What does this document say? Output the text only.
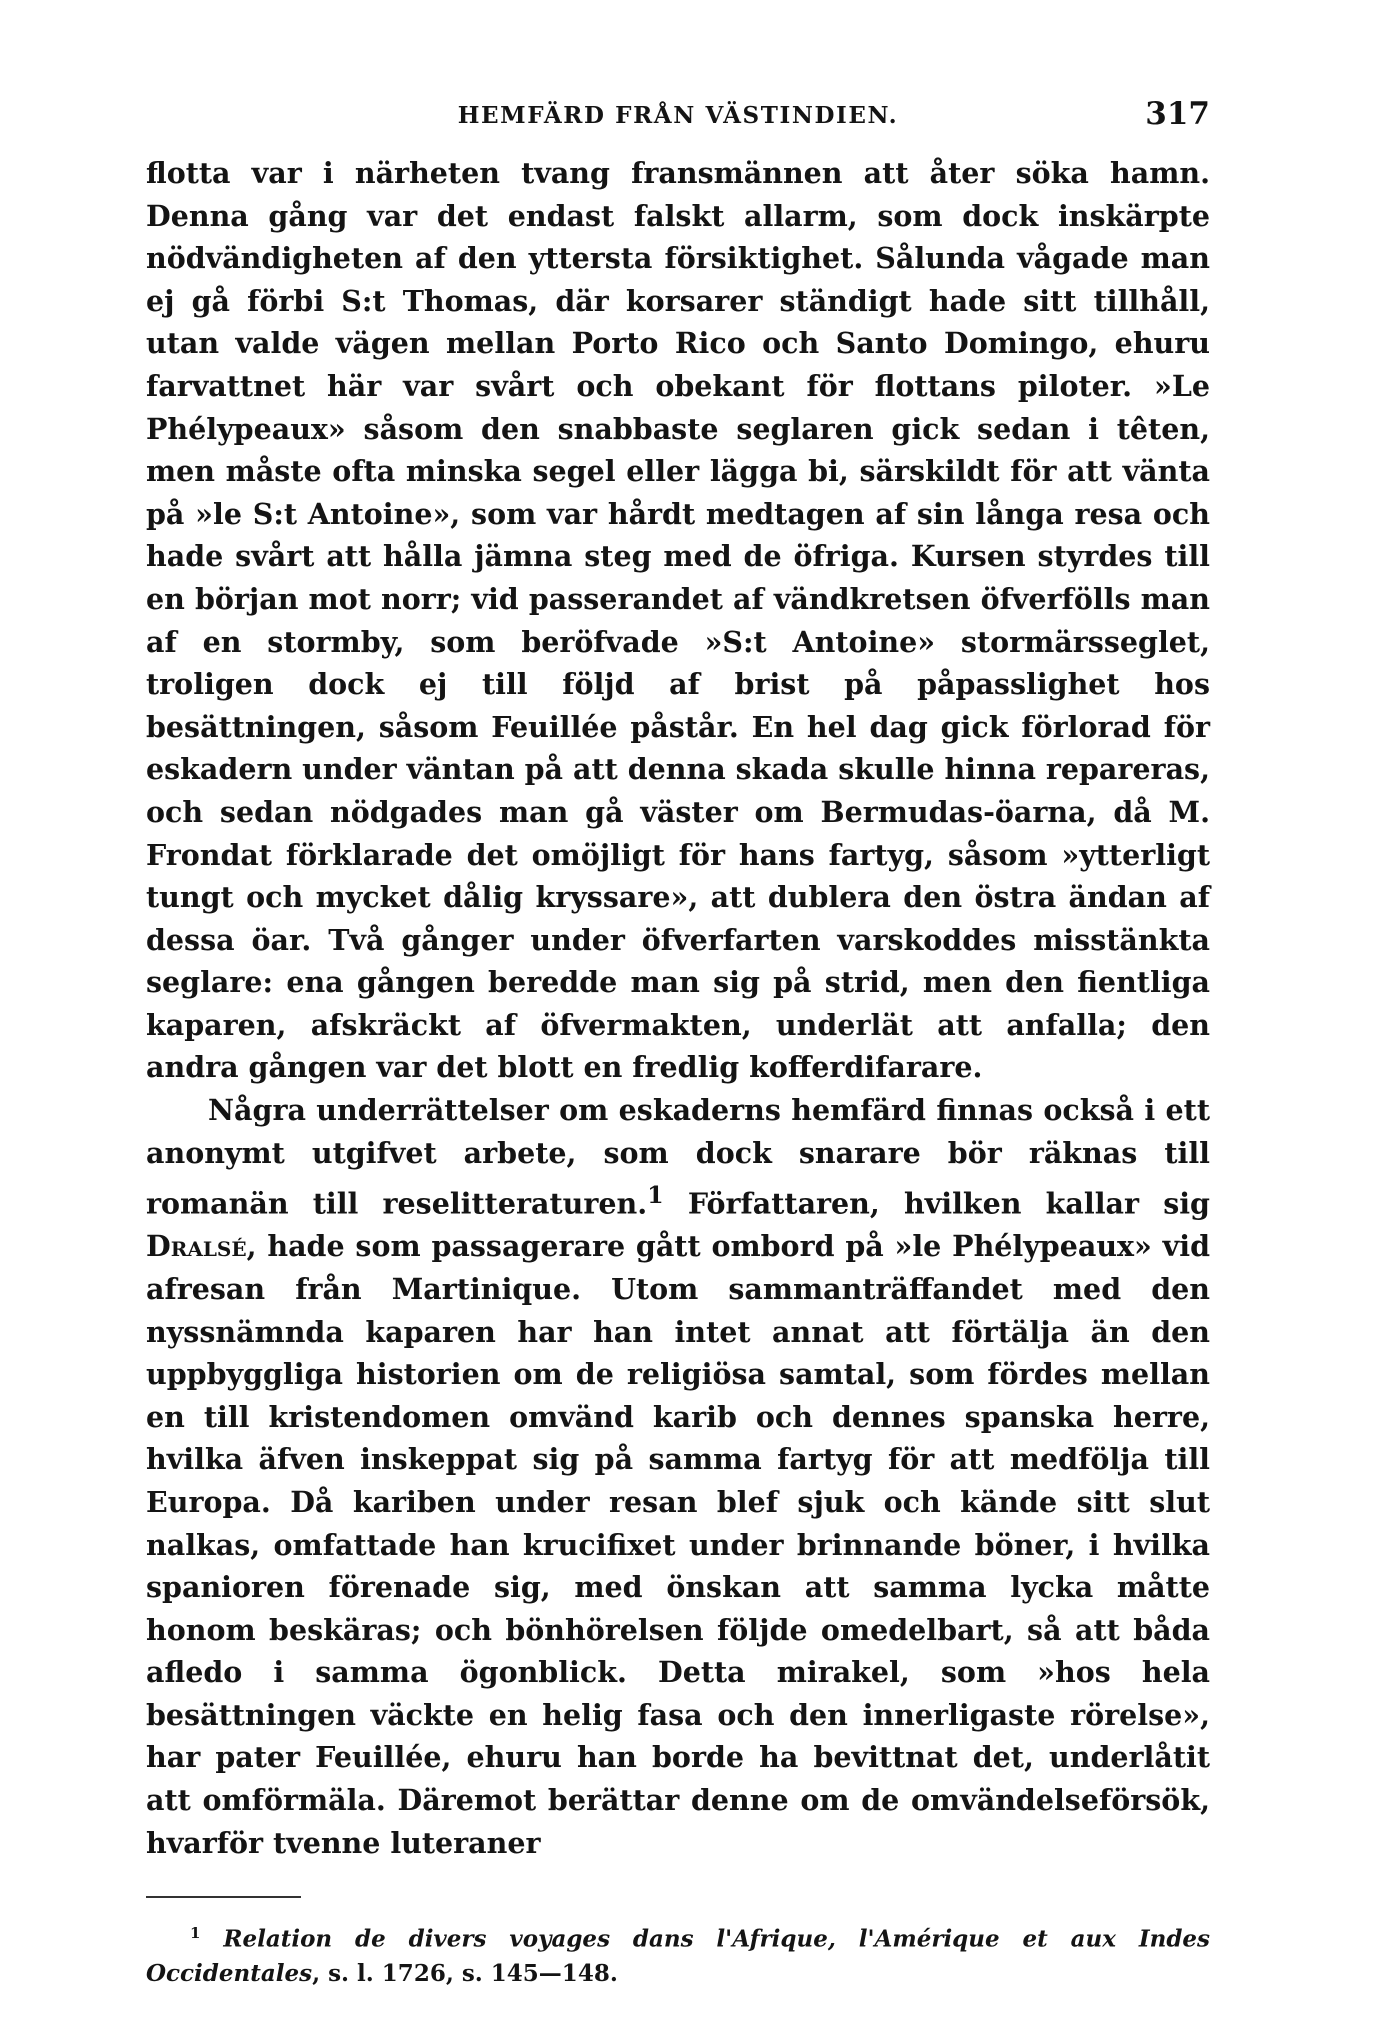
HEMFÄRD FRÅN VÄSTINDIEN.	317

flotta var i närheten tvang fransmännen att åter söka hamn. Denna gång var det endast falskt allarm, som dock inskärpte nödvändigheten af den yttersta försiktighet. Sålunda vågade man ej gå förbi S:t Thomas, där korsarer ständigt hade sitt tillhåll, utan valde vägen mellan Porto Rico och Santo Domingo, ehuru farvattnet här var svårt och obekant för flottans piloter. »Le Phélypeaux» såsom den snabbaste seglaren gick sedan i têten, men måste ofta minska segel eller lägga bi, särskildt för att vänta på »le S:t Antoine», som var hårdt medtagen af sin långa resa och hade svårt att hålla jämna steg med de öfriga. Kursen styrdes till en början mot norr; vid passerandet af vändkretsen öfverfölls man af en stormby, som beröfvade »S:t Antoine» stormärsseglet, troligen dock ej till följd af brist på påpasslighet hos besättningen, såsom Feuillée påstår. En hel dag gick förlorad för eskadern under väntan på att denna skada skulle hinna repareras, och sedan nödgades man gå väster om Bermudas-öarna, då M. Frondat förklarade det omöjligt för hans fartyg, såsom »ytterligt tungt och mycket dålig kryssare», att dublera den östra ändan af dessa öar. Två gånger under öfverfarten varskoddes misstänkta seglare: ena gången beredde man sig på strid, men den fientliga kaparen, afskräckt af öfvermakten, underlät att anfalla; den andra gången var det blott en fredlig kofferdifarare.

Några underrättelser om eskaderns hemfärd finnas också i ett anonymt utgifvet arbete, som dock snarare bör räknas till romanän till reselitteraturen.$^1$ Författaren, hvilken kallar sig Dralsé, hade som passagerare gått ombord på »le Phélypeaux» vid afresan från Martinique. Utom sammanträffandet med den nyssnämnda kaparen har han intet annat att förtälja än den uppbyggliga historien om de religiösa samtal, som fördes mellan en till kristendomen omvänd karib och dennes spanska herre, hvilka äfven inskeppat sig på samma fartyg för att medfölja till Europa. Då kariben under resan blef sjuk och kände sitt slut nalkas, omfattade han krucifixet under brinnande böner, i hvilka spanioren förenade sig, med önskan att samma lycka måtte honom beskäras; och bönhörelsen följde omedelbart, så att båda afledo i samma ögonblick. Detta mirakel, som »hos hela besättningen väckte en helig fasa och den innerligaste rörelse», har pater Feuillée, ehuru han borde ha bevittnat det, underlåtit att omförmäla. Däremot berättar denne om de omvändelseförsök, hvarför tvenne luteraner

$^1$ Relation de divers voyages dans l'Afrique, l'Amérique et aux Indes Occidentales, s. l. 1726, s. 145—148.
